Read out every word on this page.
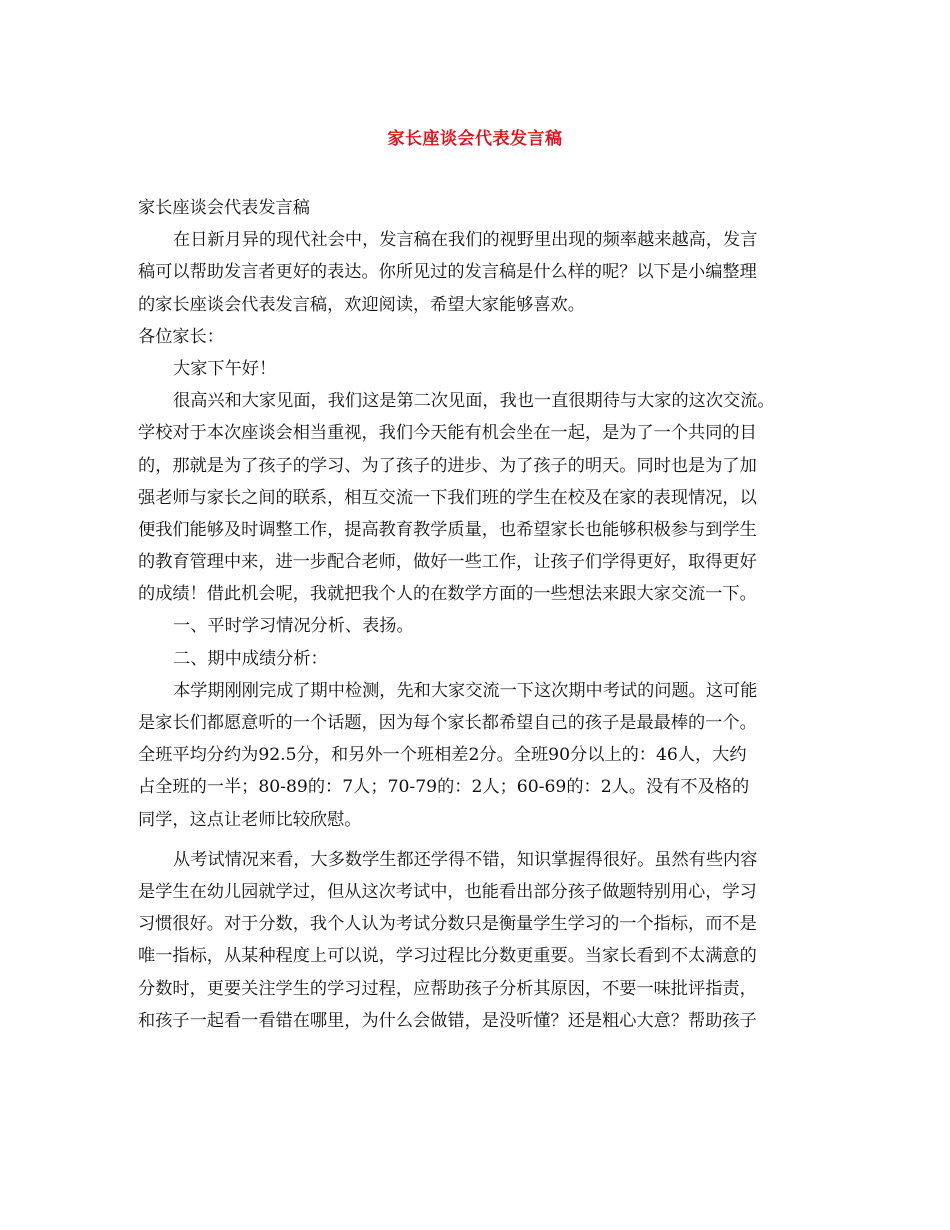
家长座谈会代表发言稿
家长座谈会代表发言稿
在日新月异的现代社会中，发言稿在我们的视野里出现的频率越来越高，发言
稿可以帮助发言者更好的表达。你所见过的发言稿是什么样的呢？以下是小编整理
的家长座谈会代表发言稿，欢迎阅读，希望大家能够喜欢。
各位家长：
大家下午好！
很高兴和大家见面，我们这是第二次见面，我也一直很期待与大家的这次交流。
学校对于本次座谈会相当重视，我们今天能有机会坐在一起，是为了一个共同的目
的，那就是为了孩子的学习、为了孩子的进步、为了孩子的明天。同时也是为了加
强老师与家长之间的联系，相互交流一下我们班的学生在校及在家的表现情况，以
便我们能够及时调整工作，提高教育教学质量，也希望家长也能够积极参与到学生
的教育管理中来，进一步配合老师，做好一些工作，让孩子们学得更好，取得更好
的成绩！借此机会呢，我就把我个人的在数学方面的一些想法来跟大家交流一下。
一、平时学习情况分析、表扬。
二、期中成绩分析：
本学期刚刚完成了期中检测，先和大家交流一下这次期中考试的问题。这可能
是家长们都愿意听的一个话题，因为每个家长都希望自己的孩子是最最棒的一个。
全班平均分约为92.5分，和另外一个班相差2分。全班90分以上的：46人，大约
占全班的一半；80-89的：7人；70-79的：2人；60-69的：2人。没有不及格的
同学，这点让老师比较欣慰。
从考试情况来看，大多数学生都还学得不错，知识掌握得很好。虽然有些内容
是学生在幼儿园就学过，但从这次考试中，也能看出部分孩子做题特别用心，学习
习惯很好。对于分数，我个人认为考试分数只是衡量学生学习的一个指标，而不是
唯一指标，从某种程度上可以说，学习过程比分数更重要。当家长看到不太满意的
分数时，更要关注学生的学习过程，应帮助孩子分析其原因，不要一味批评指责，
和孩子一起看一看错在哪里，为什么会做错，是没听懂？还是粗心大意？帮助孩子
